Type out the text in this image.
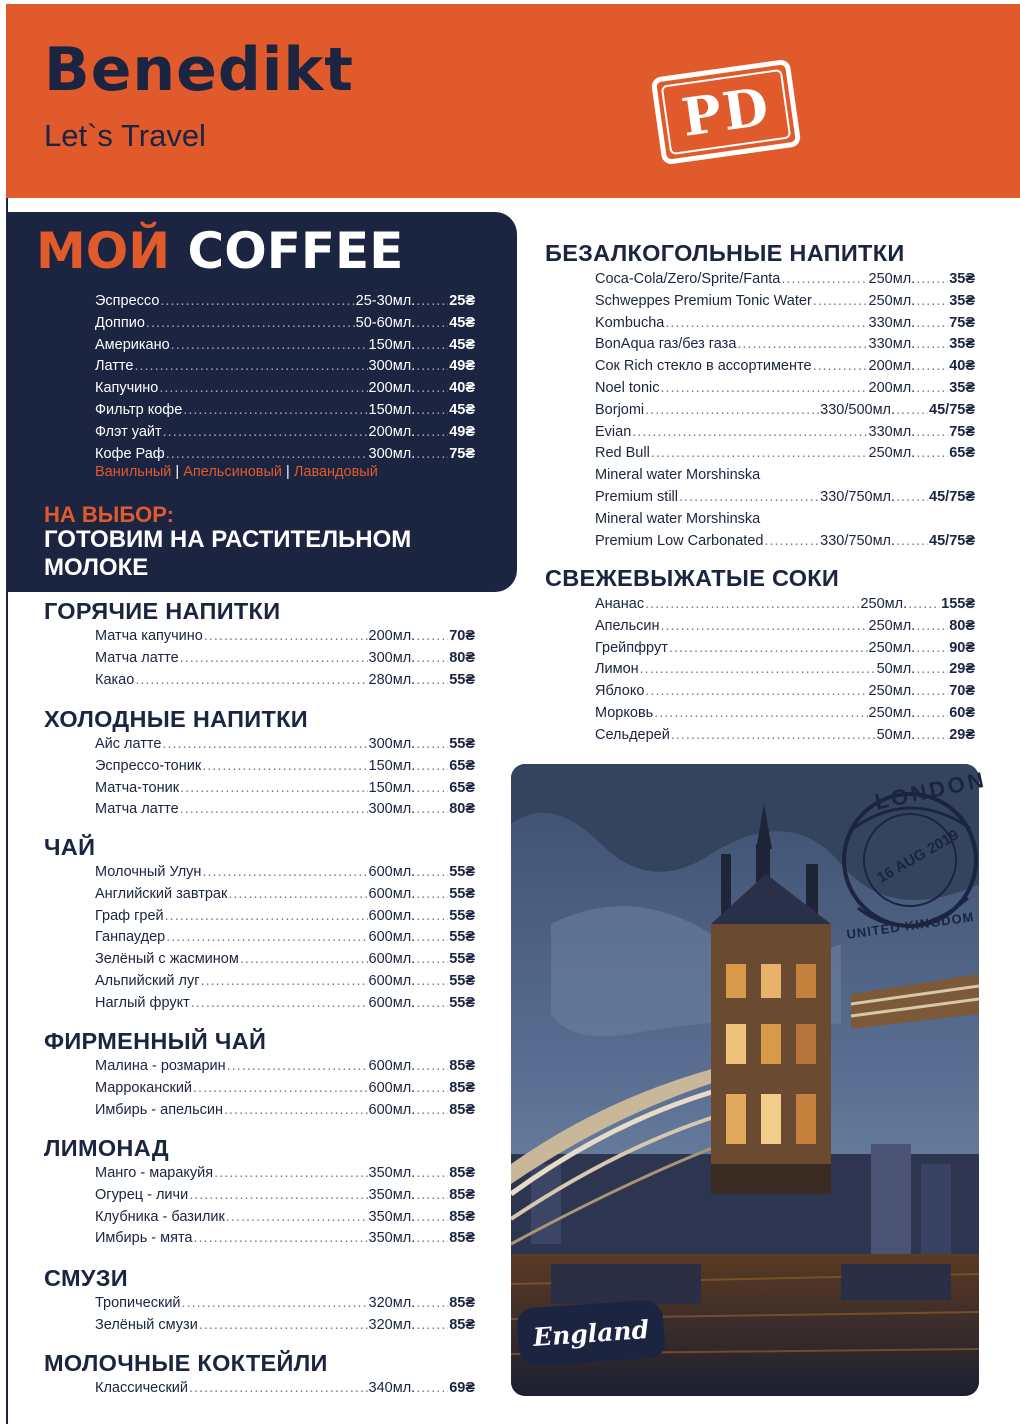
Benedikt
Let`s Travel	PD
МОЙ COFFEE
Эспрессо .....	25-30мл. ..... 25₴
Доппио .....	50-60мл. ..... 45₴
Американо .....	150мл. ..... 45₴
Латте .....	300мл. ..... 49₴
Капучино .....	200мл. ..... 40₴
Фильтр кофе .....	150мл. ..... 45₴
Флэт уайт .....	200мл. ..... 49₴
Кофе Раф .....	300мл. ..... 75₴
Ванильный | Апельсиновый | Лавандовый
НА ВЫБОР:
ГОТОВИМ НА РАСТИТЕЛЬНОМ МОЛОКЕ
ГОРЯЧИЕ НАПИТКИ
Матча капучино .....	200мл. ..... 70₴
Матча латте .....	300мл. ..... 80₴
Какао .....	280мл. ..... 55₴
ХОЛОДНЫЕ НАПИТКИ
Айс латте .....	300мл. ..... 55₴
Эспрессо-тоник .....	150мл. ..... 65₴
Матча-тоник .....	150мл. ..... 65₴
Матча латте .....	300мл. ..... 80₴
ЧАЙ
Молочный Улун .....	600мл. ..... 55₴
Английский завтрак .....	600мл. ..... 55₴
Граф грей .....	600мл. ..... 55₴
Ганпаудер .....	600мл. ..... 55₴
Зелёный с жасмином .....	600мл. ..... 55₴
Альпийский луг .....	600мл. ..... 55₴
Наглый фрукт .....	600мл. ..... 55₴
ФИРМЕННЫЙ ЧАЙ
Малина - розмарин .....	600мл. ..... 85₴
Марроканский .....	600мл. ..... 85₴
Имбирь - апельсин .....	600мл. ..... 85₴
ЛИМОНАД
Манго - маракуйя .....	350мл. ..... 85₴
Огурец - личи .....	350мл. ..... 85₴
Клубника - базилик .....	350мл. ..... 85₴
Имбирь - мята .....	350мл. ..... 85₴
СМУЗИ
Тропический .....	320мл. ..... 85₴
Зелёный смузи .....	320мл. ..... 85₴
МОЛОЧНЫЕ КОКТЕЙЛИ
Классический .....	340мл. ..... 69₴
БЕЗАЛКОГОЛЬНЫЕ НАПИТКИ
Coca-Cola/Zero/Sprite/Fanta .....	250мл. ..... 35₴
Schweppes Premium Tonic Water .....	250мл. ..... 35₴
Kombucha .....	330мл. ..... 75₴
BonAqua газ/без газа .....	330мл. ..... 35₴
Сок Rich стекло в ассортименте .....	200мл. ..... 40₴
Noel tonic .....	200мл. ..... 35₴
Borjomi .....	330/500мл. ..... 45/75₴
Evian .....	330мл. ..... 75₴
Red Bull .....	250мл. ..... 65₴
Mineral water Morshinska
Premium still .....	330/750мл. ..... 45/75₴
Mineral water Morshinska
Premium Low Carbonated .....	330/750мл. ..... 45/75₴
СВЕЖЕВЫЖАТЫЕ СОКИ
Ананас .....	250мл. ..... 155₴
Апельсин .....	250мл. ..... 80₴
Грейпфрут .....	250мл. ..... 90₴
Лимон .....	50мл. ..... 29₴
Яблоко .....	250мл. ..... 70₴
Морковь .....	250мл. ..... 60₴
Сельдерей .....	50мл. ..... 29₴
LONDON
16 AUG 2019
UNITED KINGDOM
England
